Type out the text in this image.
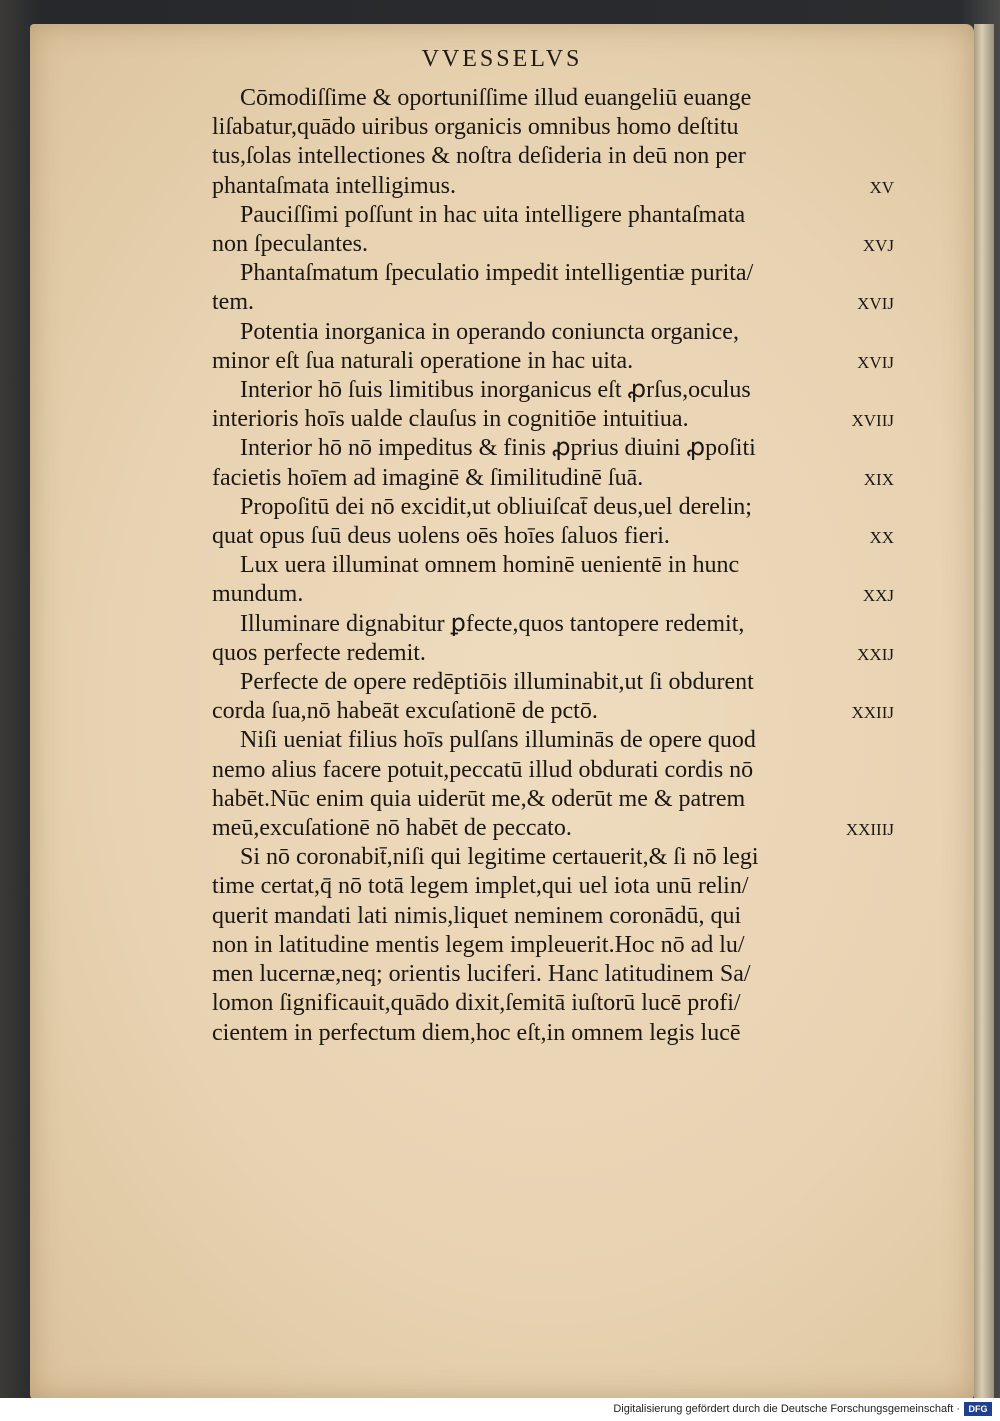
VVESSELVS
Cōmodiſſime & oportuniſſime illud euangeliū euange
liſabatur,quādo uiribus organicis omnibus homo deſtitu
tus,ſolas intellectiones & noſtra deſideria in deū non per
phantaſmata intelligimus.	xv
Pauciſſimi poſſunt in hac uita intelligere phantaſmata
non ſpeculantes.	xvj
Phantaſmatum ſpeculatio impedit intelligentiæ purita/
tem.	xvij
Potentia inorganica in operando coniuncta organice,
minor eſt ſua naturali operatione in hac uita.	xvij
Interior hō ſuis limitibus inorganicus eſt ꝓrſus,oculus
interioris hoīs ualde clauſus in cognitiōe intuitiua.	xviij
Interior hō nō impeditus & finis ꝓprius diuini ꝓpoſiti
facietis hoīem ad imaginē & ſimilitudinē ſuā.	xix
Propoſitū dei nō excidit,ut obliuiſcat̄ deus,uel derelin;
quat opus ſuū deus uolens oēs hoīes ſaluos fieri.	xx
Lux uera illuminat omnem hominē uenientē in hunc
mundum.	xxj
Illuminare dignabitur ꝑfecte,quos tantopere redemit,
quos perfecte redemit.	xxij
Perfecte de opere redēptiōis illuminabit,ut ſi obdurent
corda ſua,nō habeāt excuſationē de pctō.	xxiij
Niſi ueniat filius hoīs pulſans illuminās de opere quod
nemo alius facere potuit,peccatū illud obdurati cordis nō
habēt.Nūc enim quia uiderūt me,& oderūt me & patrem
meū,excuſationē nō habēt de peccato.	xxiiij
Si nō coronabit̄,niſi qui legitime certauerit,& ſi nō legi
time certat,q̄ nō totā legem implet,qui uel iota unū relin/
querit mandati lati nimis,liquet neminem coronādū, qui
non in latitudine mentis legem impleuerit.Hoc nō ad lu/
men lucernæ,neq; orientis luciferi. Hanc latitudinem Sa/
lomon ſignificauit,quādo dixit,ſemitā iuſtorū lucē profi/
cientem in perfectum diem,hoc eſt,in omnem legis lucē
Digitalisierung gefördert durch die Deutsche Forschungsgemeinschaft · DFG
